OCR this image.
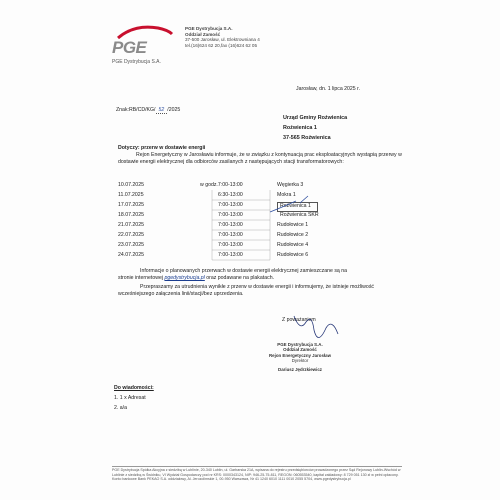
PGE
PGE Dystrybucja S.A.
PGE Dystrybucja S.A.
Oddział Zamość
37-500 Jarosław, ul. Elektrowniana 4
tel.(16)624 62 20,fax (16)624 62 05
Jarosław, dn. 1 lipca 2025 r.
Znak:RB/CD/KG/ 52 /2025
Urząd Gminy Roźwienica
Roźwienica 1
37-565 Roźwienica
Dotyczy: przerw w dostawie energii
Rejon Energetyczny w Jarosławiu informuje, że w związku z kontynuacją prac eksploatacyjnych wystąpią przerwy w dostawie energii elektrycznej dla odbiorców zasilanych z następujących stacji transformatorowych:
10.07.2025	w godz.7:00-13:00	Węgierka 3
11.07.2025	6:30-13:00	Mokra 1
17.07.2025	7:00-13:00	Roźwienica 1
18.07.2025	7:00-13:00	Roźwienica SKR
21.07.2025	7:00-13:00	Rudołowice 1
22.07.2025	7:00-13:00	Rudołowice 2
23.07.2025	7:00-13:00	Rudołowice 4
24.07.2025	7:00-13:00	Rudołowice 6
Informacje o planowanych przerwach w dostawie energii elektrycznej zamieszczane są na
stronie internetowej pgedystrybucja.pl oraz podawane na plakatach.
Przepraszamy za utrudnienia wynikłe z przerw w dostawie energii i informujemy, że istnieje możliwość wcześniejszego załączenia linii/stacji/bez uprzedzenia.
Z poważaniem
PGE Dystrybucja S.A.
Oddział Zamość
Rejon Energetyczny Jarosław
Dyrektor
Dariusz Jędrzkiewicz
Do wiadomości:
1. 1 x Adresat
2. a/a
PGE Dystrybucja Spółka Akcyjna z siedzibą w Lublinie, 20-340 Lublin, ul. Garbarska 21A, wpisana do rejestru przedsiębiorców prowadzonego przez Sąd Rejonowy Lublin-Wschód w Lublinie z siedzibą w Świdniku, VI Wydział Gospodarczy pod nr KRS: 0000343124, NIP: 946-25-75-811, REGON: 060553540, kapitał zakładowy: 8 729 051 130 zł w pełni opłacony. Konto bankowe Bank PEKAO S.A. oddziałowy, Al. Jerozolimskie 1, 00-950 Warszawa, Nr 41 1240 6010 1111 0010 2055 5704, www.pgedystrybucja.pl
